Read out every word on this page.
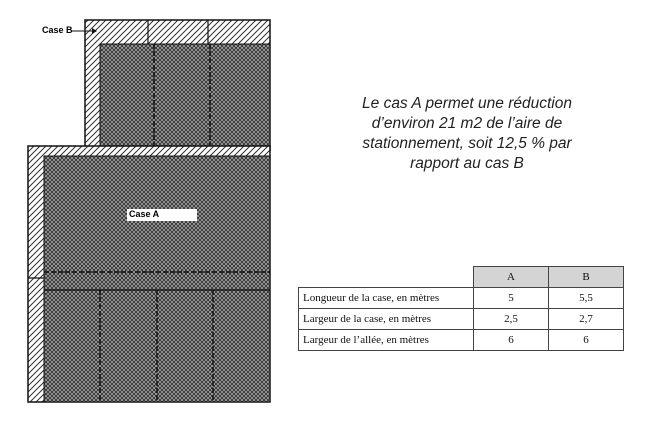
Case B
Case A

Le cas A permet une réduction d’environ 21 m2 de l’aire de stationnement, soit 12,5 % par rapport au cas B

	A	B
Longueur de la case, en mètres	5	5,5
Largeur de la case, en mètres	2,5	2,7
Largeur de l’allée, en mètres	6	6
